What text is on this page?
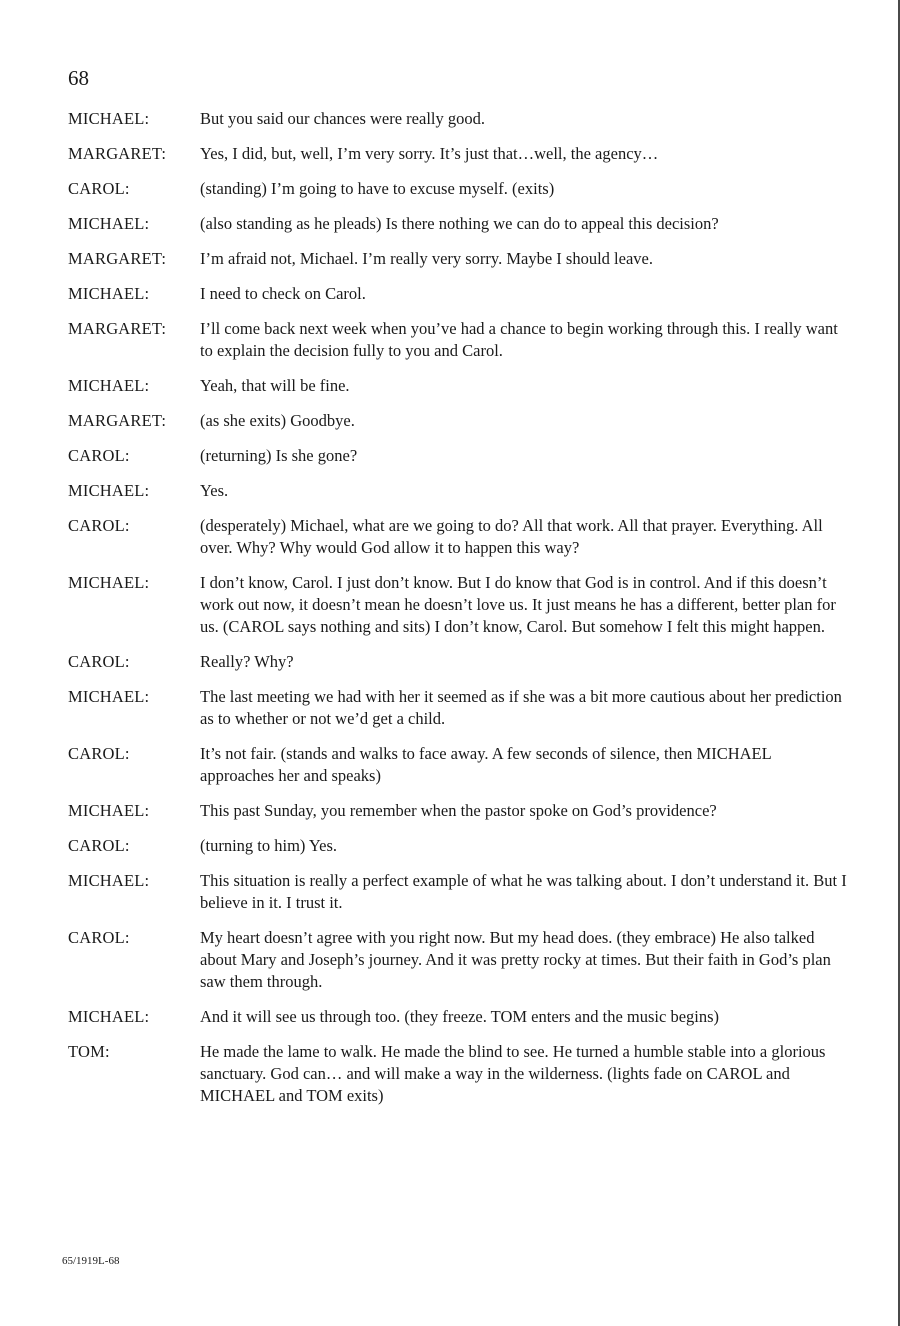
68
MICHAEL:	But you said our chances were really good.
MARGARET:	Yes, I did, but, well, I’m very sorry. It’s just that…well, the agency…
CAROL:	(standing) I’m going to have to excuse myself. (exits)
MICHAEL:	(also standing as he pleads) Is there nothing we can do to appeal this decision?
MARGARET:	I’m afraid not, Michael. I’m really very sorry. Maybe I should leave.
MICHAEL:	I need to check on Carol.
MARGARET:	I’ll come back next week when you’ve had a chance to begin working through this. I really want to explain the decision fully to you and Carol.
MICHAEL:	Yeah, that will be fine.
MARGARET:	(as she exits) Goodbye.
CAROL:	(returning) Is she gone?
MICHAEL:	Yes.
CAROL:	(desperately) Michael, what are we going to do? All that work. All that prayer. Everything. All over. Why? Why would God allow it to happen this way?
MICHAEL:	I don’t know, Carol. I just don’t know. But I do know that God is in control. And if this doesn’t work out now, it doesn’t mean he doesn’t love us. It just means he has a different, better plan for us. (CAROL says nothing and sits) I don’t know, Carol. But somehow I felt this might happen.
CAROL:	Really? Why?
MICHAEL:	The last meeting we had with her it seemed as if she was a bit more cautious about her prediction as to whether or not we’d get a child.
CAROL:	It’s not fair. (stands and walks to face away. A few seconds of silence, then MICHAEL approaches her and speaks)
MICHAEL:	This past Sunday, you remember when the pastor spoke on God’s providence?
CAROL:	(turning to him) Yes.
MICHAEL:	This situation is really a perfect example of what he was talking about. I don’t understand it. But I believe in it. I trust it.
CAROL:	My heart doesn’t agree with you right now. But my head does. (they embrace) He also talked about Mary and Joseph’s journey. And it was pretty rocky at times. But their faith in God’s plan saw them through.
MICHAEL:	And it will see us through too. (they freeze. TOM enters and the music begins)
TOM:	He made the lame to walk. He made the blind to see. He turned a humble stable into a glorious sanctuary. God can… and will make a way in the wilderness. (lights fade on CAROL and MICHAEL and TOM exits)
65/1919L-68
